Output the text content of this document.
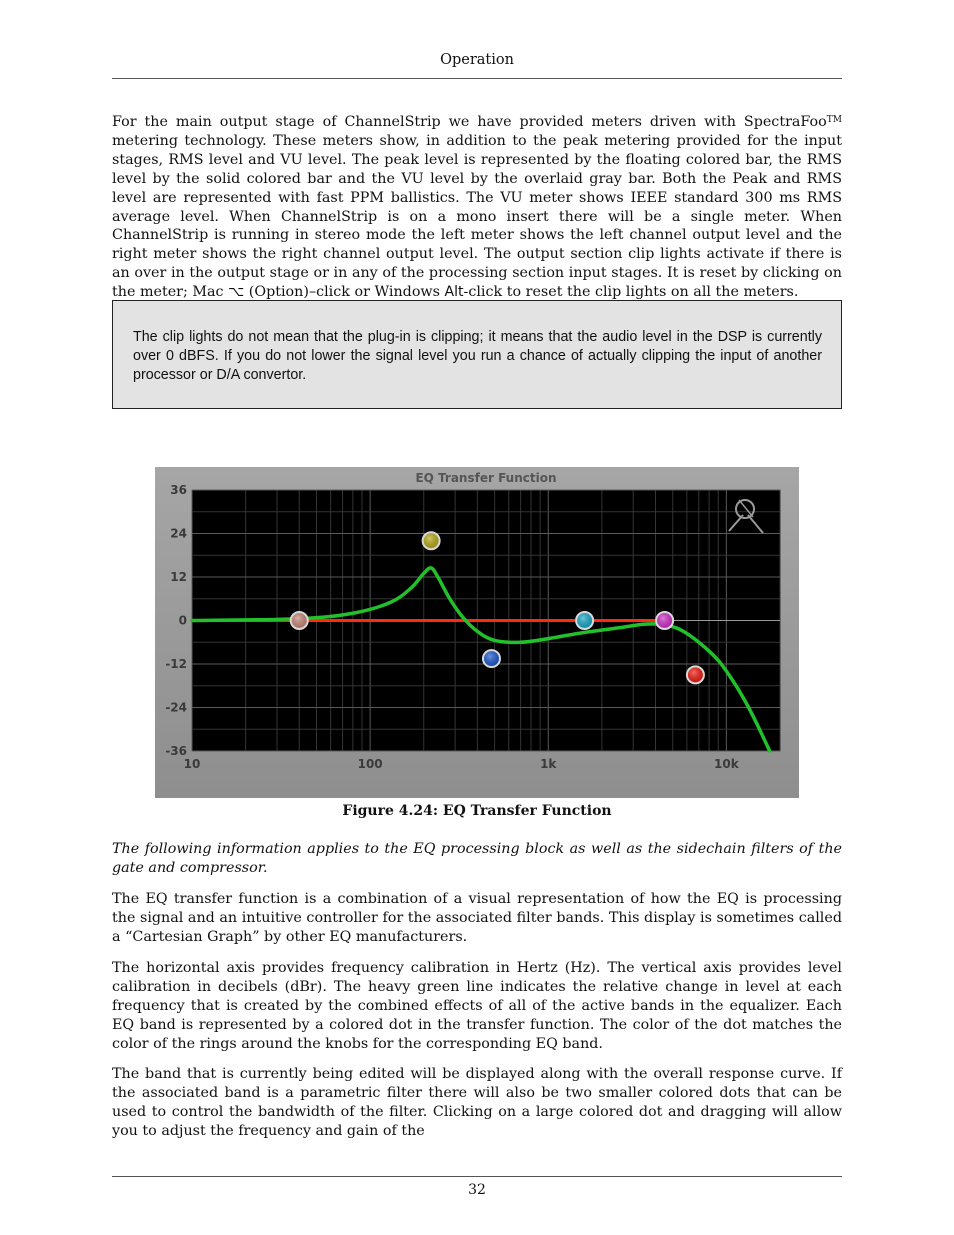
Operation

For the main output stage of ChannelStrip we have provided meters driven with SpectraFoo™ metering technology. These meters show, in addition to the peak metering provided for the input stages, RMS level and VU level. The peak level is represented by the floating colored bar, the RMS level by the solid colored bar and the VU level by the overlaid gray bar. Both the Peak and RMS level are represented with fast PPM ballistics. The VU meter shows IEEE standard 300 ms RMS average level. When ChannelStrip is on a mono insert there will be a single meter. When ChannelStrip is running in stereo mode the left meter shows the left channel output level and the right meter shows the right channel output level. The output section clip lights activate if there is an over in the output stage or in any of the processing section input stages. It is reset by clicking on the meter; Mac ⌥ (Option)–click or Windows Alt-click to reset the clip lights on all the meters.

The clip lights do not mean that the plug-in is clipping; it means that the audio level in the DSP is currently over 0 dBFS. If you do not lower the signal level you run a chance of actually clipping the input of another processor or D/A convertor.

EQ Transfer Function
36
24
12
0
-12
-24
-36
10	100	1k	10k
Figure 4.24: EQ Transfer Function

The following information applies to the EQ processing block as well as the sidechain filters of the gate and compressor.

The EQ transfer function is a combination of a visual representation of how the EQ is processing the signal and an intuitive controller for the associated filter bands. This display is sometimes called a “Cartesian Graph” by other EQ manufacturers.

The horizontal axis provides frequency calibration in Hertz (Hz). The vertical axis provides level calibration in decibels (dBr). The heavy green line indicates the relative change in level at each frequency that is created by the combined effects of all of the active bands in the equalizer. Each EQ band is represented by a colored dot in the transfer function. The color of the dot matches the color of the rings around the knobs for the corresponding EQ band.

The band that is currently being edited will be displayed along with the overall response curve. If the associated band is a parametric filter there will also be two smaller colored dots that can be used to control the bandwidth of the filter. Clicking on a large colored dot and dragging will allow you to adjust the frequency and gain of the

32
